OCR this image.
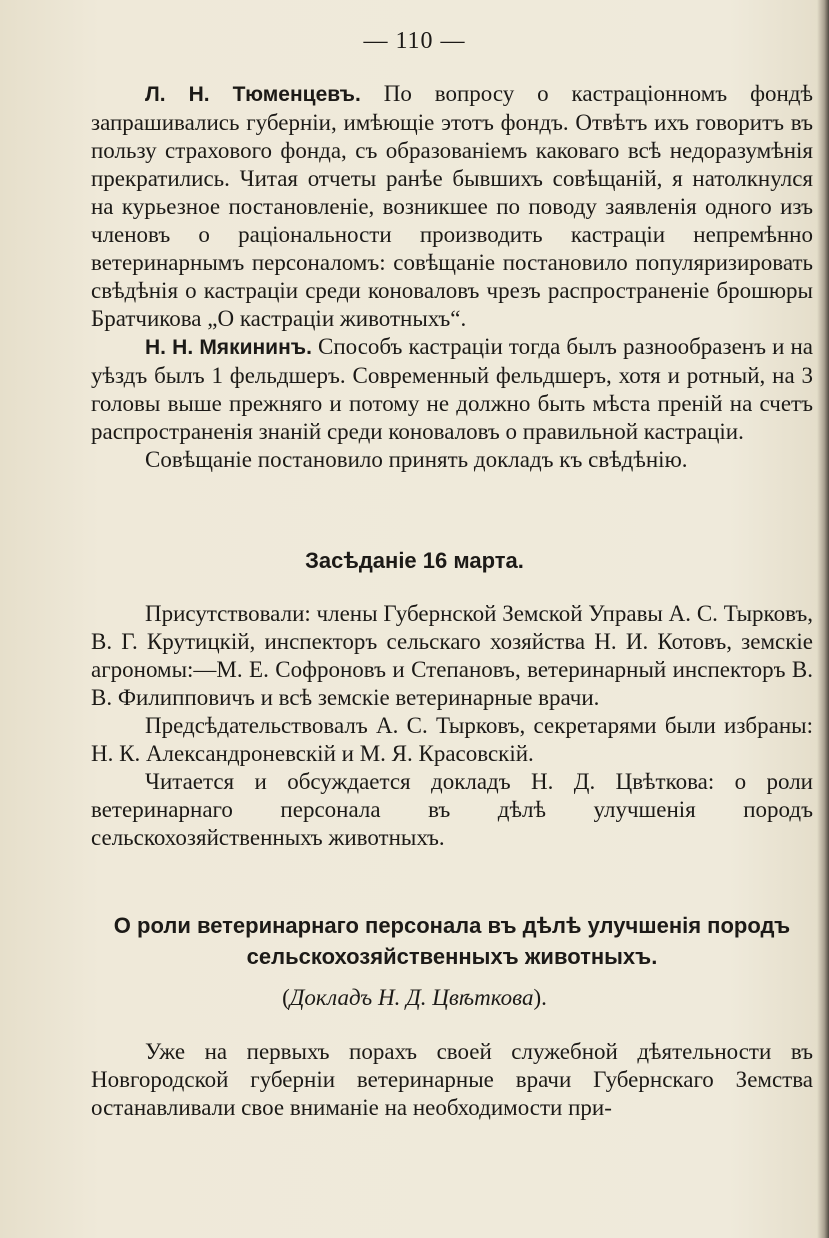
— 110 —

Л. Н. Тюменцевъ. По вопросу о кастраціонномъ фондѣ запрашивались губерніи, имѣющіе этотъ фондъ. Отвѣтъ ихъ говоритъ въ пользу страхового фонда, съ образованіемъ каковаго всѣ недоразумѣнія прекратились. Читая отчеты ранѣе бывшихъ совѣщаній, я натолкнулся на курьезное постановленіе, возникшее по поводу заявленія одного изъ членовъ о раціональности производить кастраціи непремѣнно ветеринарнымъ персоналомъ: совѣщаніе постановило популяризировать свѣдѣнія о кастраціи среди коноваловъ чрезъ распространеніе брошюры Братчикова „О кастраціи животныхъ“.

Н. Н. Мякининъ. Способъ кастраціи тогда былъ разнообразенъ и на уѣздъ былъ 1 фельдшеръ. Современный фельдшеръ, хотя и ротный, на 3 головы выше прежняго и потому не должно быть мѣста преній на счетъ распространенія знаній среди коноваловъ о правильной кастраціи.

Совѣщаніе постановило принять докладъ къ свѣдѣнію.

Засѣданіе 16 марта.

Присутствовали: члены Губернской Земской Управы А. С. Тырковъ, В. Г. Крутицкій, инспекторъ сельскаго хозяйства Н. И. Котовъ, земскіе агрономы:—М. Е. Софроновъ и Степановъ, ветеринарный инспекторъ В. В. Филипповичъ и всѣ земскіе ветеринарные врачи.

Предсѣдательствовалъ А. С. Тырковъ, секретарями были избраны: Н. К. Александроневскій и М. Я. Красовскій.

Читается и обсуждается докладъ Н. Д. Цвѣткова: о роли ветеринарнаго персонала въ дѣлѣ улучшенія породъ сельскохозяйственныхъ животныхъ.

О роли ветеринарнаго персонала въ дѣлѣ улучшенія породъ сельскохозяйственныхъ животныхъ.
(Докладъ Н. Д. Цвѣткова).

Уже на первыхъ порахъ своей служебной дѣятельности въ Новгородской губерніи ветеринарные врачи Губернскаго Земства останавливали свое вниманіе на необходимости при-
